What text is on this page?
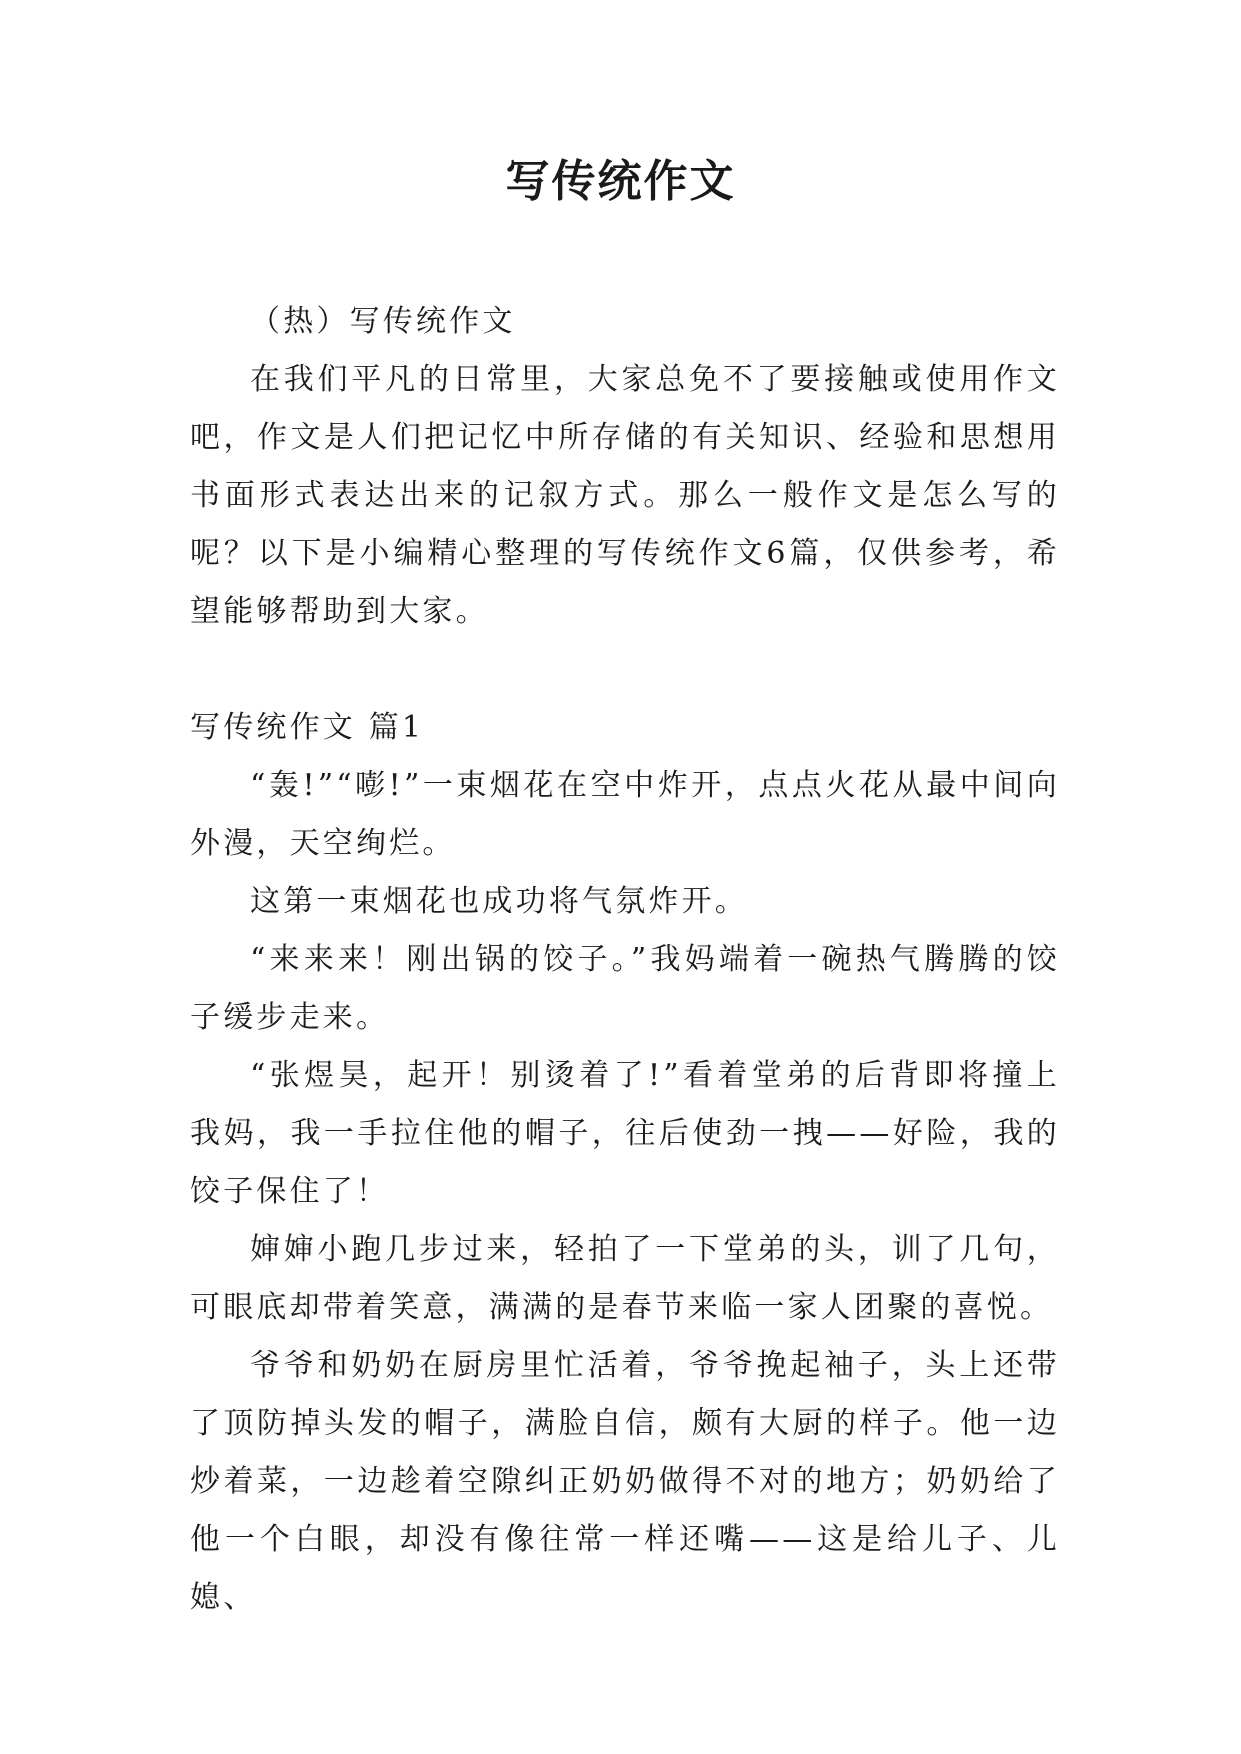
写传统作文

（热）写传统作文

在我们平凡的日常里，大家总免不了要接触或使用作文吧，作文是人们把记忆中所存储的有关知识、经验和思想用书面形式表达出来的记叙方式。那么一般作文是怎么写的呢？以下是小编精心整理的写传统作文6篇，仅供参考，希望能够帮助到大家。

写传统作文 篇1

“轰!”“嘭!”一束烟花在空中炸开，点点火花从最中间向外漫，天空绚烂。

这第一束烟花也成功将气氛炸开。

“来来来！刚出锅的饺子。”我妈端着一碗热气腾腾的饺子缓步走来。

“张煜昊，起开！别烫着了!”看着堂弟的后背即将撞上我妈，我一手拉住他的帽子，往后使劲一拽——好险，我的饺子保住了！

婶婶小跑几步过来，轻拍了一下堂弟的头，训了几句，可眼底却带着笑意，满满的是春节来临一家人团聚的喜悦。

爷爷和奶奶在厨房里忙活着，爷爷挽起袖子，头上还带了顶防掉头发的帽子，满脸自信，颇有大厨的样子。他一边炒着菜，一边趁着空隙纠正奶奶做得不对的地方；奶奶给了他一个白眼，却没有像往常一样还嘴——这是给儿子、儿媳、
